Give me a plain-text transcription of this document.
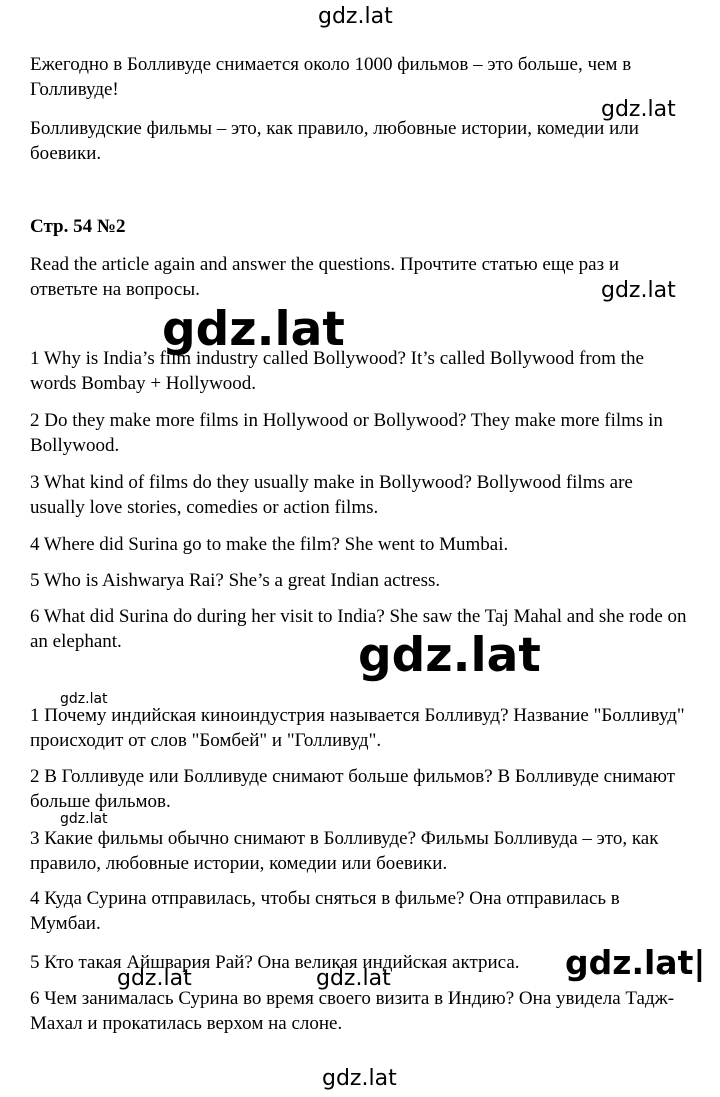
Ежегодно в Болливуде снимается около 1000 фильмов – это больше, чем в Голливуде!

Болливудские фильмы – это, как правило, любовные истории, комедии или боевики.

Стр. 54 №2

Read the article again and answer the questions. Прочтите статью еще раз и ответьте на вопросы.

1 Why is India’s film industry called Bollywood? It’s called Bollywood from the words Bombay + Hollywood.

2 Do they make more films in Hollywood or Bollywood? They make more films in Bollywood.

3 What kind of films do they usually make in Bollywood? Bollywood films are usually love stories, comedies or action films.

4 Where did Surina go to make the film? She went to Mumbai.

5 Who is Aishwarya Rai? She’s a great Indian actress.

6 What did Surina do during her visit to India? She saw the Taj Mahal and she rode on an elephant.

1 Почему индийская киноиндустрия называется Болливуд? Название "Болливуд" происходит от слов "Бомбей" и "Голливуд".

2 В Голливуде или Болливуде снимают больше фильмов? В Болливуде снимают больше фильмов.

3 Какие фильмы обычно снимают в Болливуде? Фильмы Болливуда – это, как правило, любовные истории, комедии или боевики.

4 Куда Сурина отправилась, чтобы сняться в фильме? Она отправилась в Мумбаи.

5 Кто такая Айшвария Рай? Она великая индийская актриса.

6 Чем занималась Сурина во время своего визита в Индию? Она увидела Тадж-Махал и прокатилась верхом на слоне.

gdz.lat
gdz.lat
gdz.lat
gdz.lat
gdz.lat
gdz.lat
gdz.lat
gdz.lat|
gdz.lat	gdz.lat
gdz.lat
